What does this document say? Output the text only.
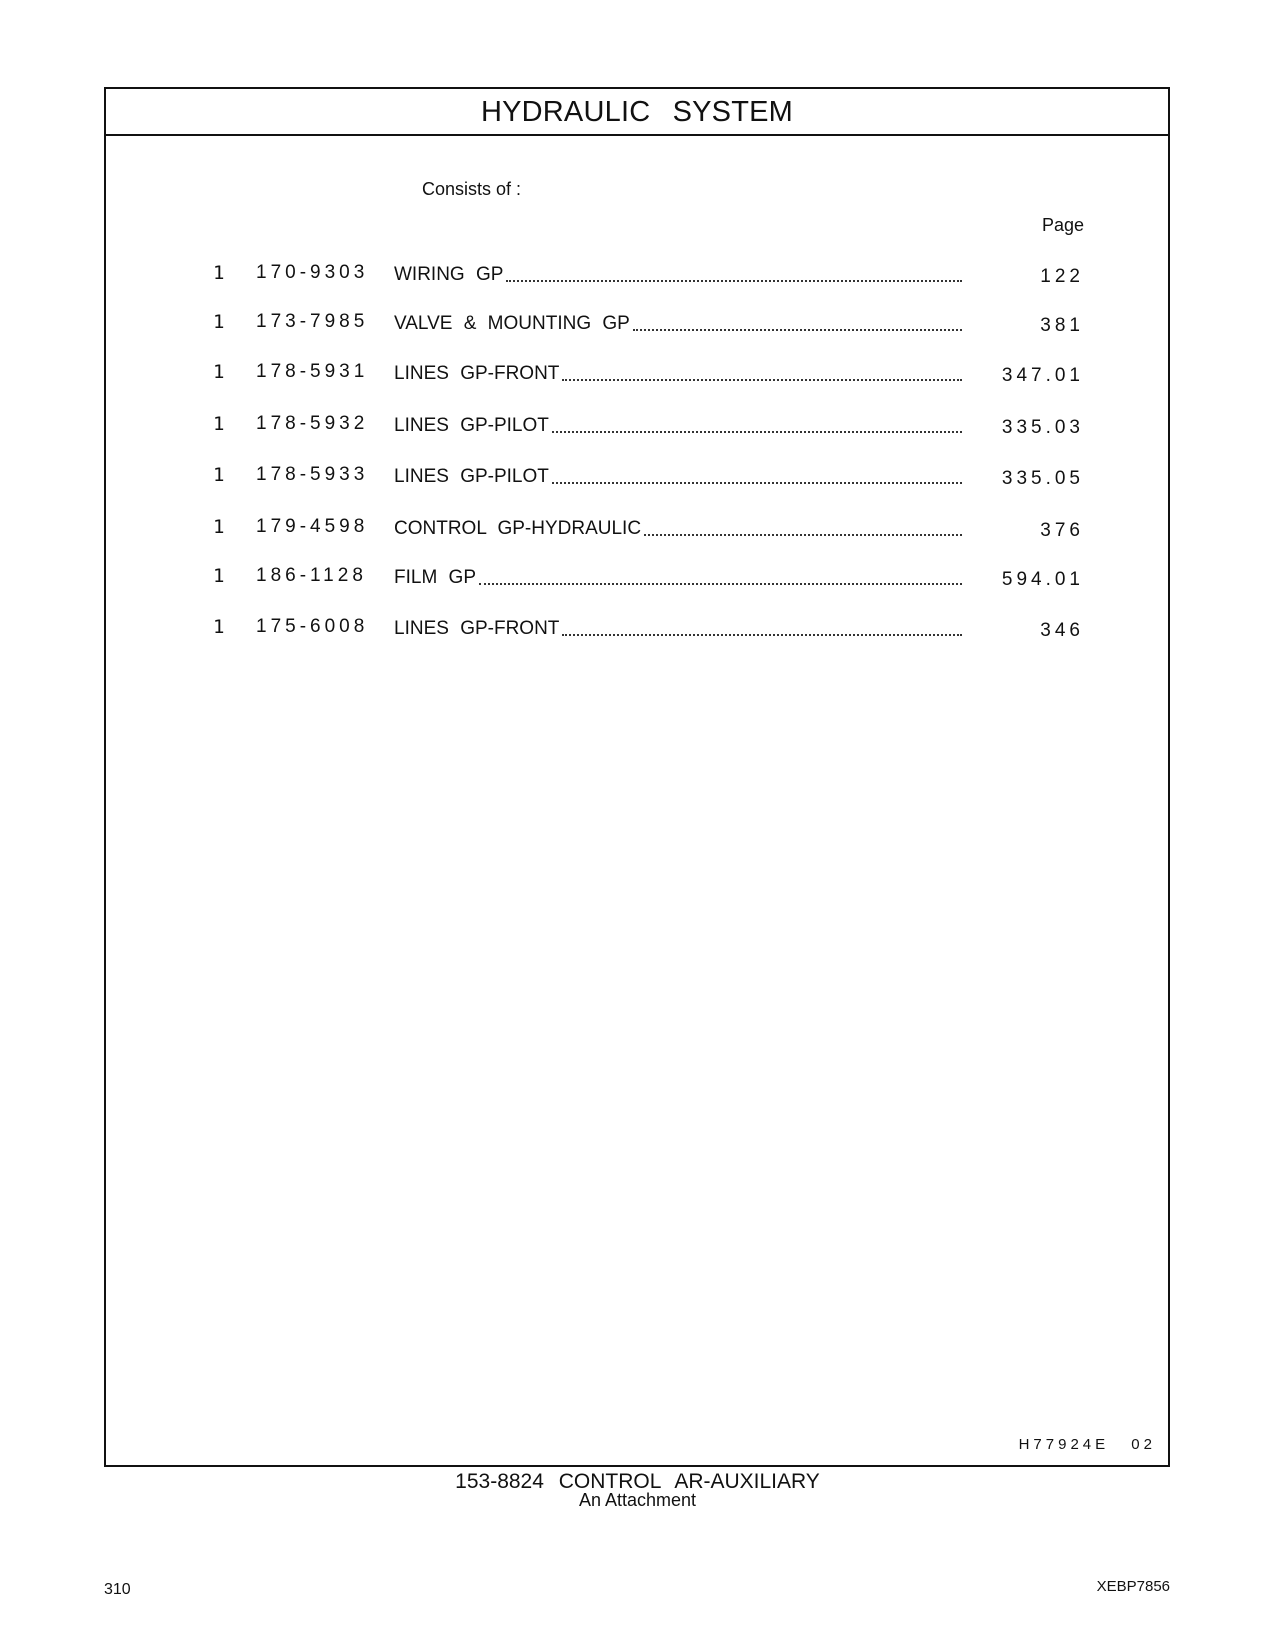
HYDRAULIC SYSTEM
Consists of :
Page
1 170-9303 WIRING GP	122
1 173-7985 VALVE & MOUNTING GP	381
1 178-5931 LINES GP-FRONT	347.01
1 178-5932 LINES GP-PILOT	335.03
1 178-5933 LINES GP-PILOT	335.05
1 179-4598 CONTROL GP-HYDRAULIC	376
1 186-1128 FILM GP	594.01
1 175-6008 LINES GP-FRONT	346
H77924E 02
153-8824 CONTROL AR-AUXILIARY
An Attachment
310	XEBP7856
